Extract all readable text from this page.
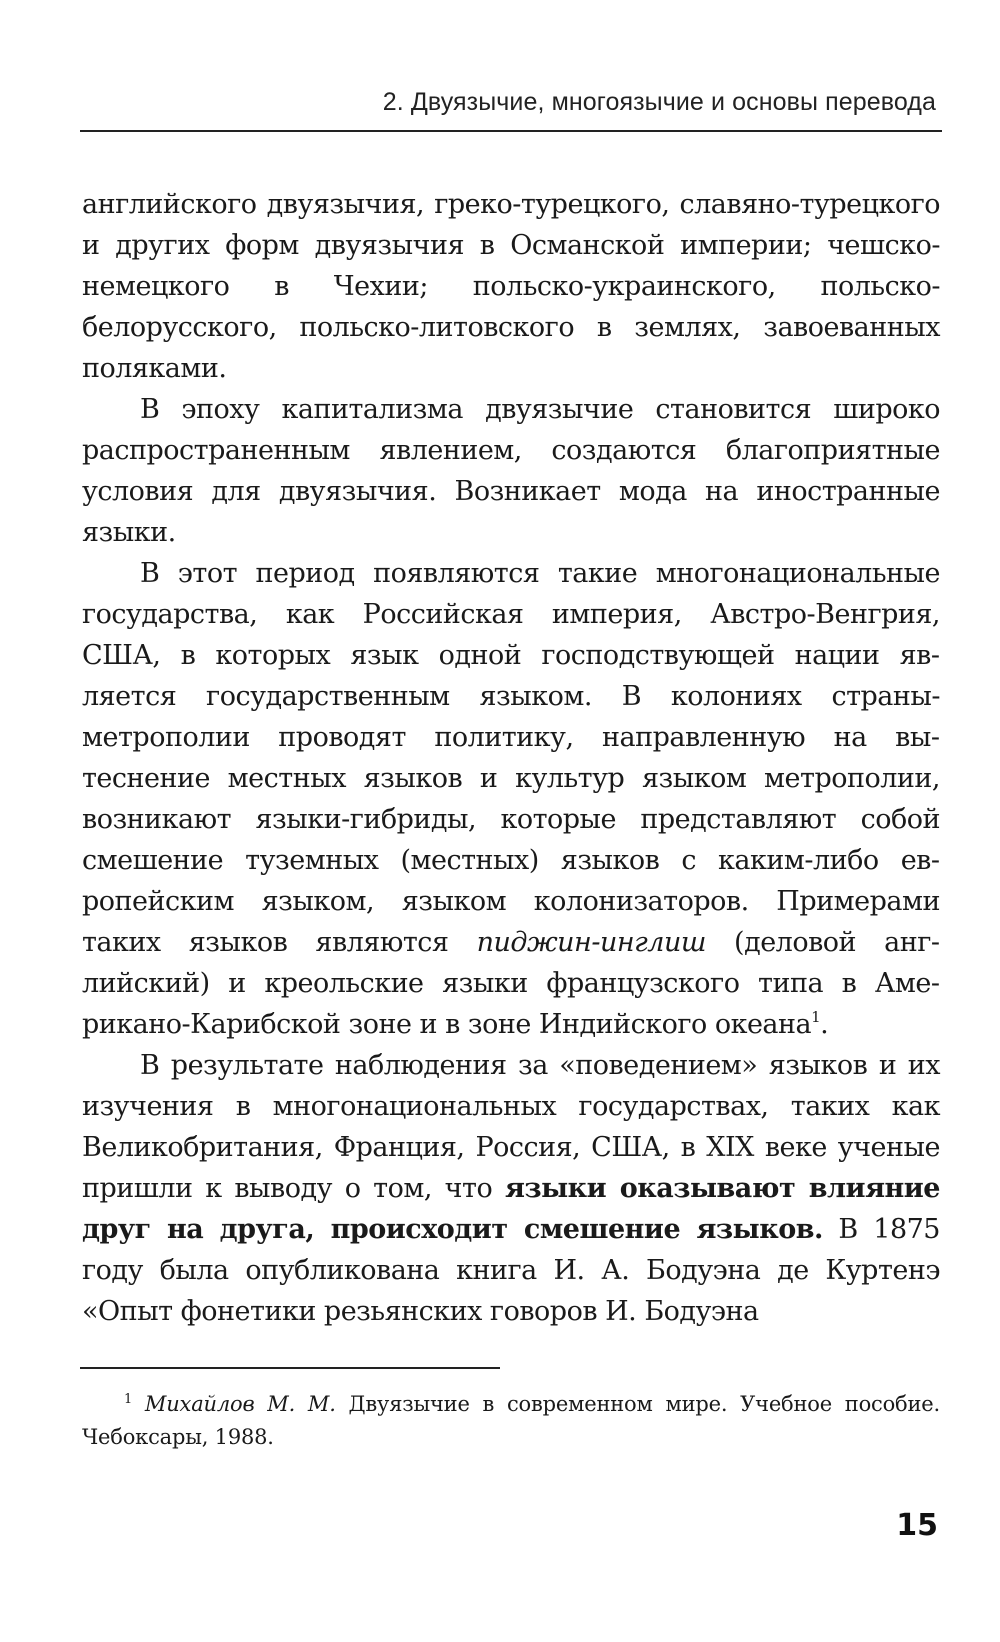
2. Двуязычие, многоязычие и основы перевода

английского двуязычия, греко-турецкого, славяно-турецкого и других форм двуязычия в Османской империи; чешско-немецкого в Чехии; польско-украинского, польско-белорусского, польско-литовского в землях, завоеванных поляками.

В эпоху капитализма двуязычие становится широко распространенным явлением, создаются благоприятные условия для двуязычия. Возникает мода на иностранные языки.

В этот период появляются такие многонациональные государства, как Российская империя, Австро-Венгрия, США, в которых язык одной господствующей нации является государственным языком. В колониях страны-метрополии проводят политику, направленную на вытеснение местных языков и культур языком метрополии, возникают языки-гибриды, которые представляют собой смешение туземных (местных) языков с каким-либо европейским языком, языком колонизаторов. Примерами таких языков являются пиджин-инглиш (деловой английский) и креольские языки французского типа в Американо-Карибской зоне и в зоне Индийского океана$^1$.

В результате наблюдения за «поведением» языков и их изучения в многонациональных государствах, таких как Великобритания, Франция, Россия, США, в XIX веке ученые пришли к выводу о том, что языки оказывают влияние друг на друга, происходит смешение языков. В 1875 году была опубликована книга И. А. Бодуэна де Куртенэ «Опыт фонетики резьянских говоров И. Бодуэна

$^1$ Михайлов М. М. Двуязычие в современном мире. Учебное пособие. Чебоксары, 1988.

15
